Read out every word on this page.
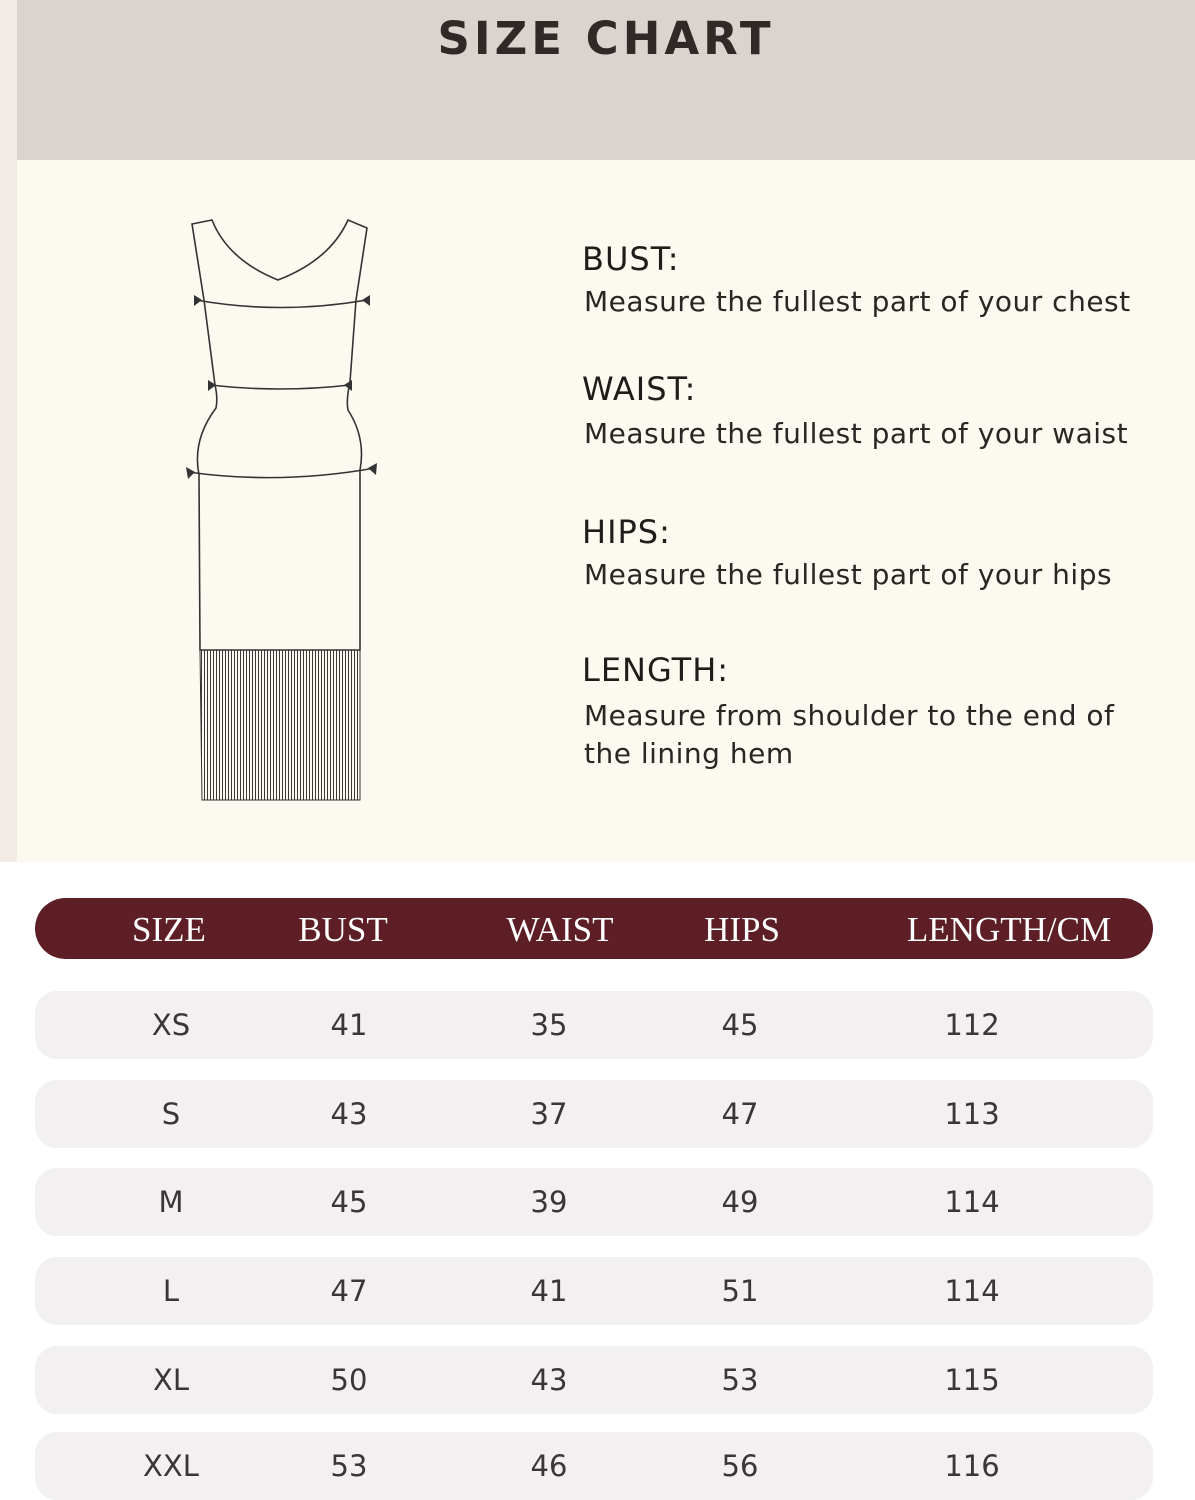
SIZE CHART
BUST:
Measure the fullest part of your chest
WAIST:
Measure the fullest part of your waist
HIPS:
Measure the fullest part of your hips
LENGTH:
Measure from shoulder to the end of the lining hem
SIZE	BUST	WAIST	HIPS	LENGTH/CM
XS	41	35	45	112
S	43	37	47	113
M	45	39	49	114
L	47	41	51	114
XL	50	43	53	115
XXL	53	46	56	116
